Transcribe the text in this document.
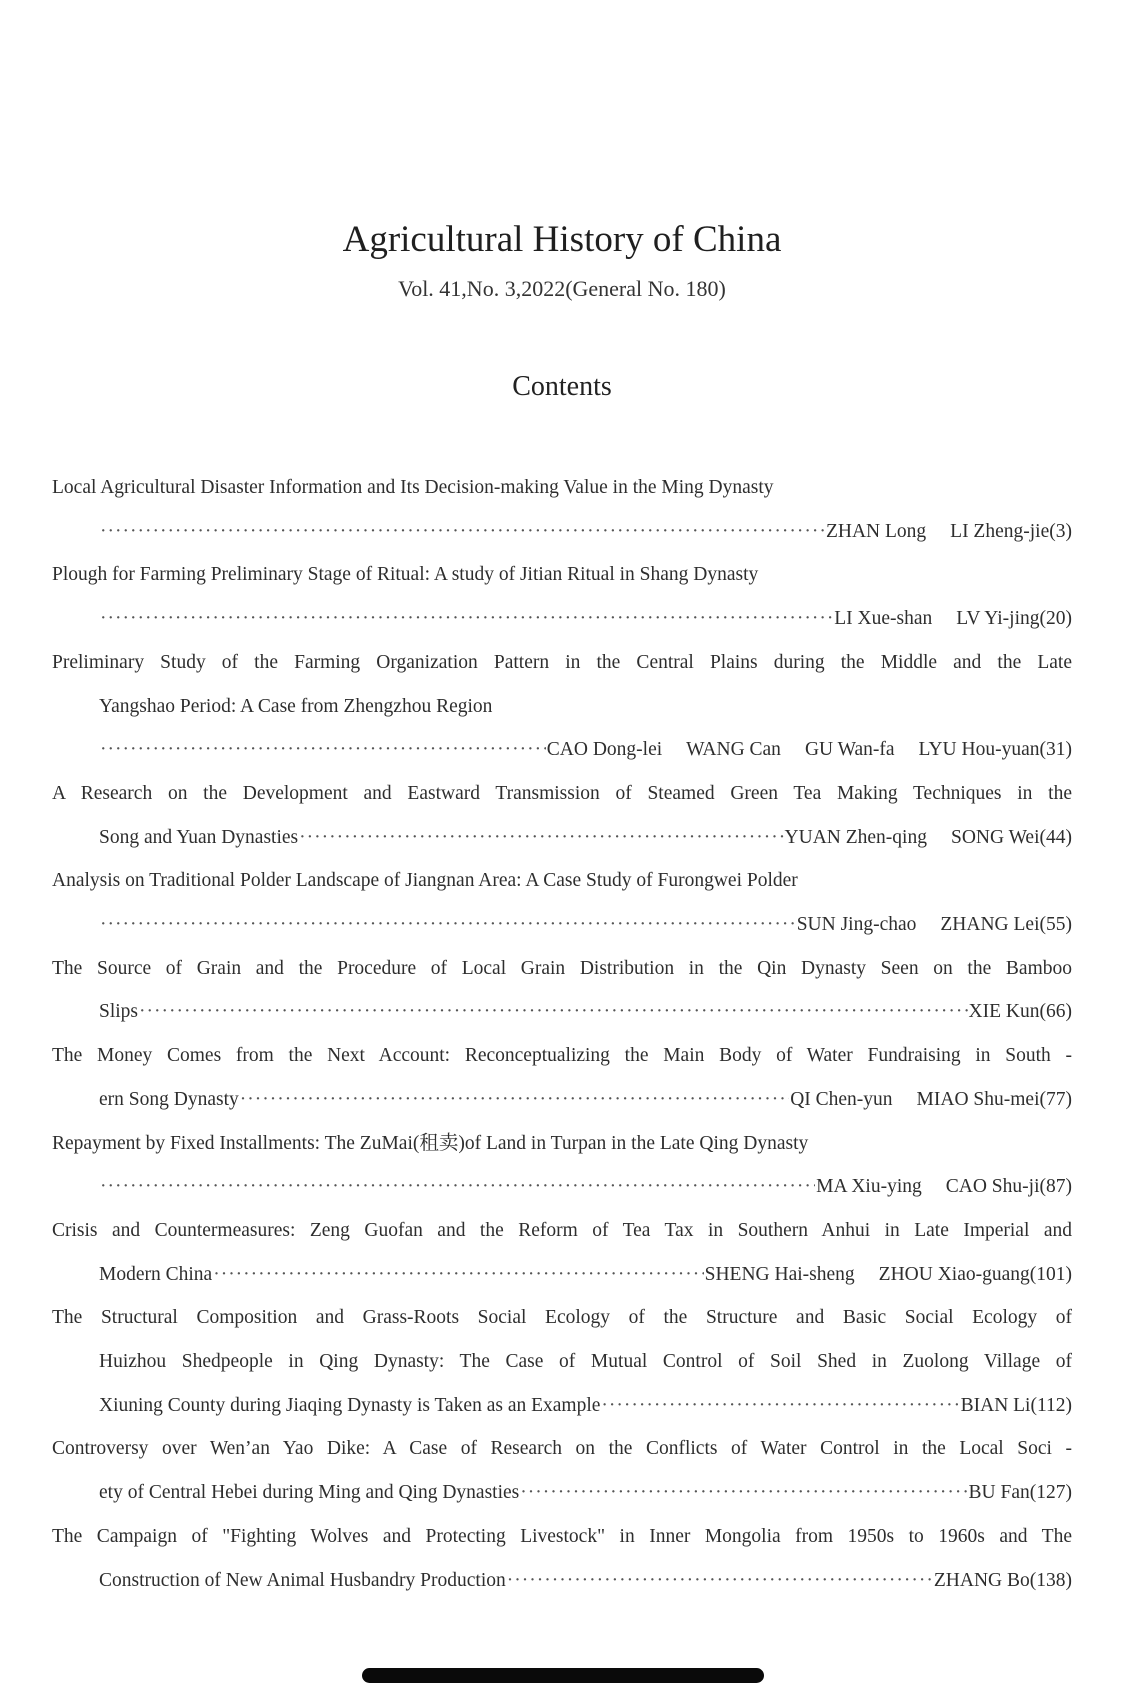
Agricultural History of China
Vol. 41,No. 3,2022(General No. 180)
Contents
Local Agricultural Disaster Information and Its Decision-making Value in the Ming Dynasty
·····
ZHAN Long LI Zheng-jie (3)
Plough for Farming Preliminary Stage of Ritual: A study of Jitian Ritual in Shang Dynasty
·····
LI Xue-shan LV Yi-jing (20)
Preliminary Study of the Farming Organization Pattern in the Central Plains during the Middle and the Late
Yangshao Period: A Case from Zhengzhou Region
·····
CAO Dong-lei WANG Can GU Wan-fa LYU Hou-yuan (31)
A Research on the Development and Eastward Transmission of Steamed Green Tea Making Techniques in the
Song and Yuan Dynasties ·····	YUAN Zhen-qing SONG Wei (44)
Analysis on Traditional Polder Landscape of Jiangnan Area: A Case Study of Furongwei Polder
·····
SUN Jing-chao ZHANG Lei (55)
The Source of Grain and the Procedure of Local Grain Distribution in the Qin Dynasty Seen on the Bamboo
Slips ·····	XIE Kun (66)
The Money Comes from the Next Account: Reconceptualizing the Main Body of Water Fundraising in South -
ern Song Dynasty ·····	QI Chen-yun MIAO Shu-mei (77)
Repayment by Fixed Installments: The ZuMai(租卖)of Land in Turpan in the Late Qing Dynasty
·····
MA Xiu-ying CAO Shu-ji (87)
Crisis and Countermeasures: Zeng Guofan and the Reform of Tea Tax in Southern Anhui in Late Imperial and
Modern China ·····	SHENG Hai-sheng ZHOU Xiao-guang (101)
The Structural Composition and Grass-Roots Social Ecology of the Structure and Basic Social Ecology of
Huizhou Shedpeople in Qing Dynasty: The Case of Mutual Control of Soil Shed in Zuolong Village of
Xiuning County during Jiaqing Dynasty is Taken as an Example ·····	BIAN Li (112)
Controversy over Wen’an Yao Dike: A Case of Research on the Conflicts of Water Control in the Local Soci -
ety of Central Hebei during Ming and Qing Dynasties ·····	BU Fan (127)
The Campaign of "Fighting Wolves and Protecting Livestock" in Inner Mongolia from 1950s to 1960s and The
Construction of New Animal Husbandry Production ·····	ZHANG Bo (138)
